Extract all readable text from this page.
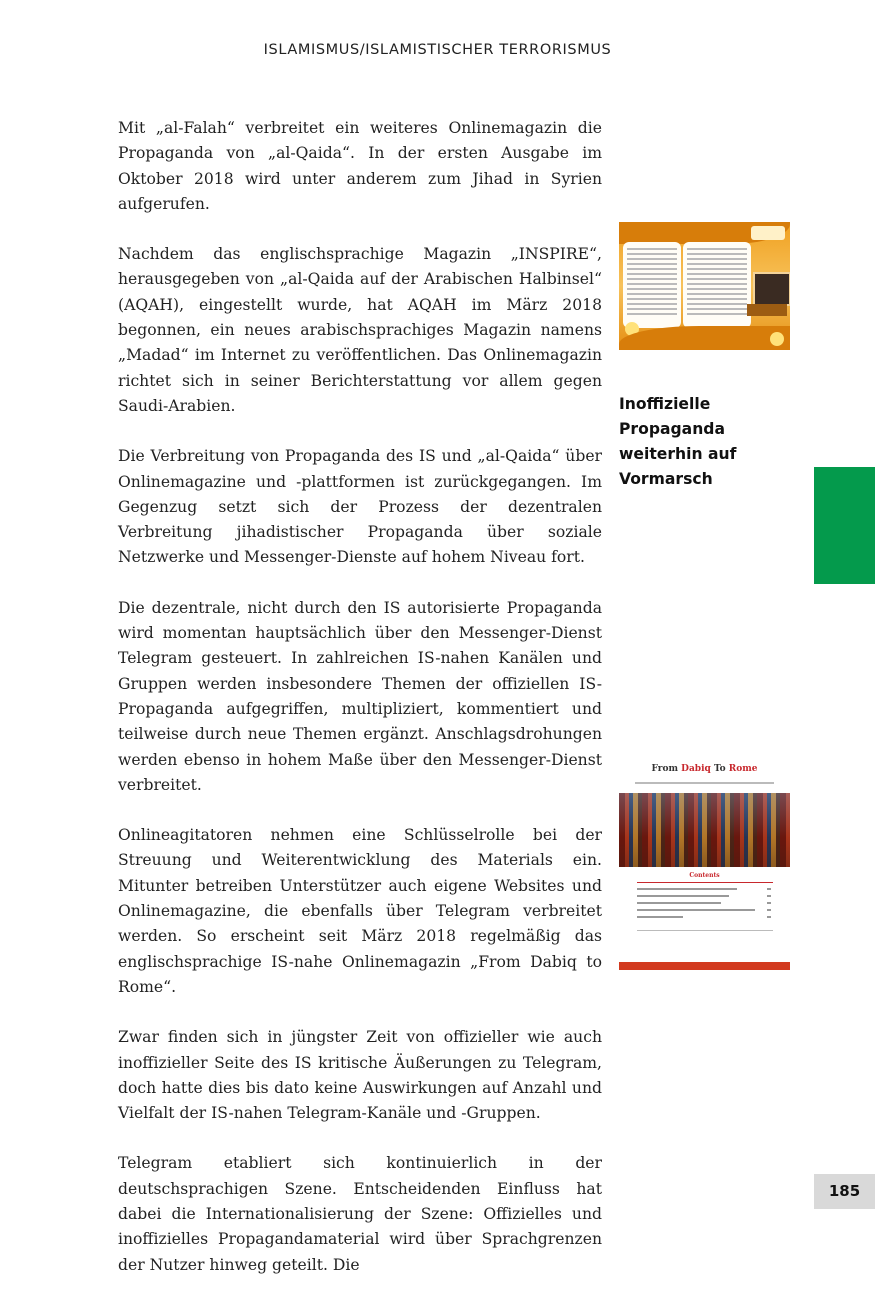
ISLAMISMUS/ISLAMISTISCHER TERRORISMUS

Mit „al-Falah“ verbreitet ein weiteres Onlinemagazin die Propaganda von „al-Qaida“. In der ersten Ausgabe im Oktober 2018 wird unter anderem zum Jihad in Syrien aufgerufen.

Nachdem das englischsprachige Magazin „INSPIRE“, herausgegeben von „al-Qaida auf der Arabischen Halbinsel“ (AQAH), eingestellt wurde, hat AQAH im März 2018 begonnen, ein neues arabischsprachiges Magazin namens „Madad“ im Internet zu veröffentlichen. Das Onlinemagazin richtet sich in seiner Berichterstattung vor allem gegen Saudi-Arabien.

Die Verbreitung von Propaganda des IS und „al-Qaida“ über Onlinemagazine und -plattformen ist zurückgegangen. Im Gegenzug setzt sich der Prozess der dezentralen Verbreitung jihadistischer Propaganda über soziale Netzwerke und Messenger-Dienste auf hohem Niveau fort.

Die dezentrale, nicht durch den IS autorisierte Propaganda wird momentan hauptsächlich über den Messenger-Dienst Telegram gesteuert. In zahlreichen IS-nahen Kanälen und Gruppen werden insbesondere Themen der offiziellen IS-Propaganda aufgegriffen, multipliziert, kommentiert und teilweise durch neue Themen ergänzt. Anschlagsdrohungen werden ebenso in hohem Maße über den Messenger-Dienst verbreitet.

Onlineagitatoren nehmen eine Schlüsselrolle bei der Streuung und Weiterentwicklung des Materials ein. Mitunter betreiben Unterstützer auch eigene Websites und Onlinemagazine, die ebenfalls über Telegram verbreitet werden. So erscheint seit März 2018 regelmäßig das englischsprachige IS-nahe Onlinemagazin „From Dabiq to Rome“.

Zwar finden sich in jüngster Zeit von offizieller wie auch inoffizieller Seite des IS kritische Äußerungen zu Telegram, doch hatte dies bis dato keine Auswirkungen auf Anzahl und Vielfalt der IS-nahen Telegram-Kanäle und -Gruppen.

Telegram etabliert sich kontinuierlich in der deutschsprachigen Szene. Entscheidenden Einfluss hat dabei die Internationalisierung der Szene: Offizielles und inoffizielles Propagandamaterial wird über Sprachgrenzen der Nutzer hinweg geteilt. Die

Inoffizielle Propaganda weiterhin auf Vormarsch
From Dabiq To Rome
Contents
185
